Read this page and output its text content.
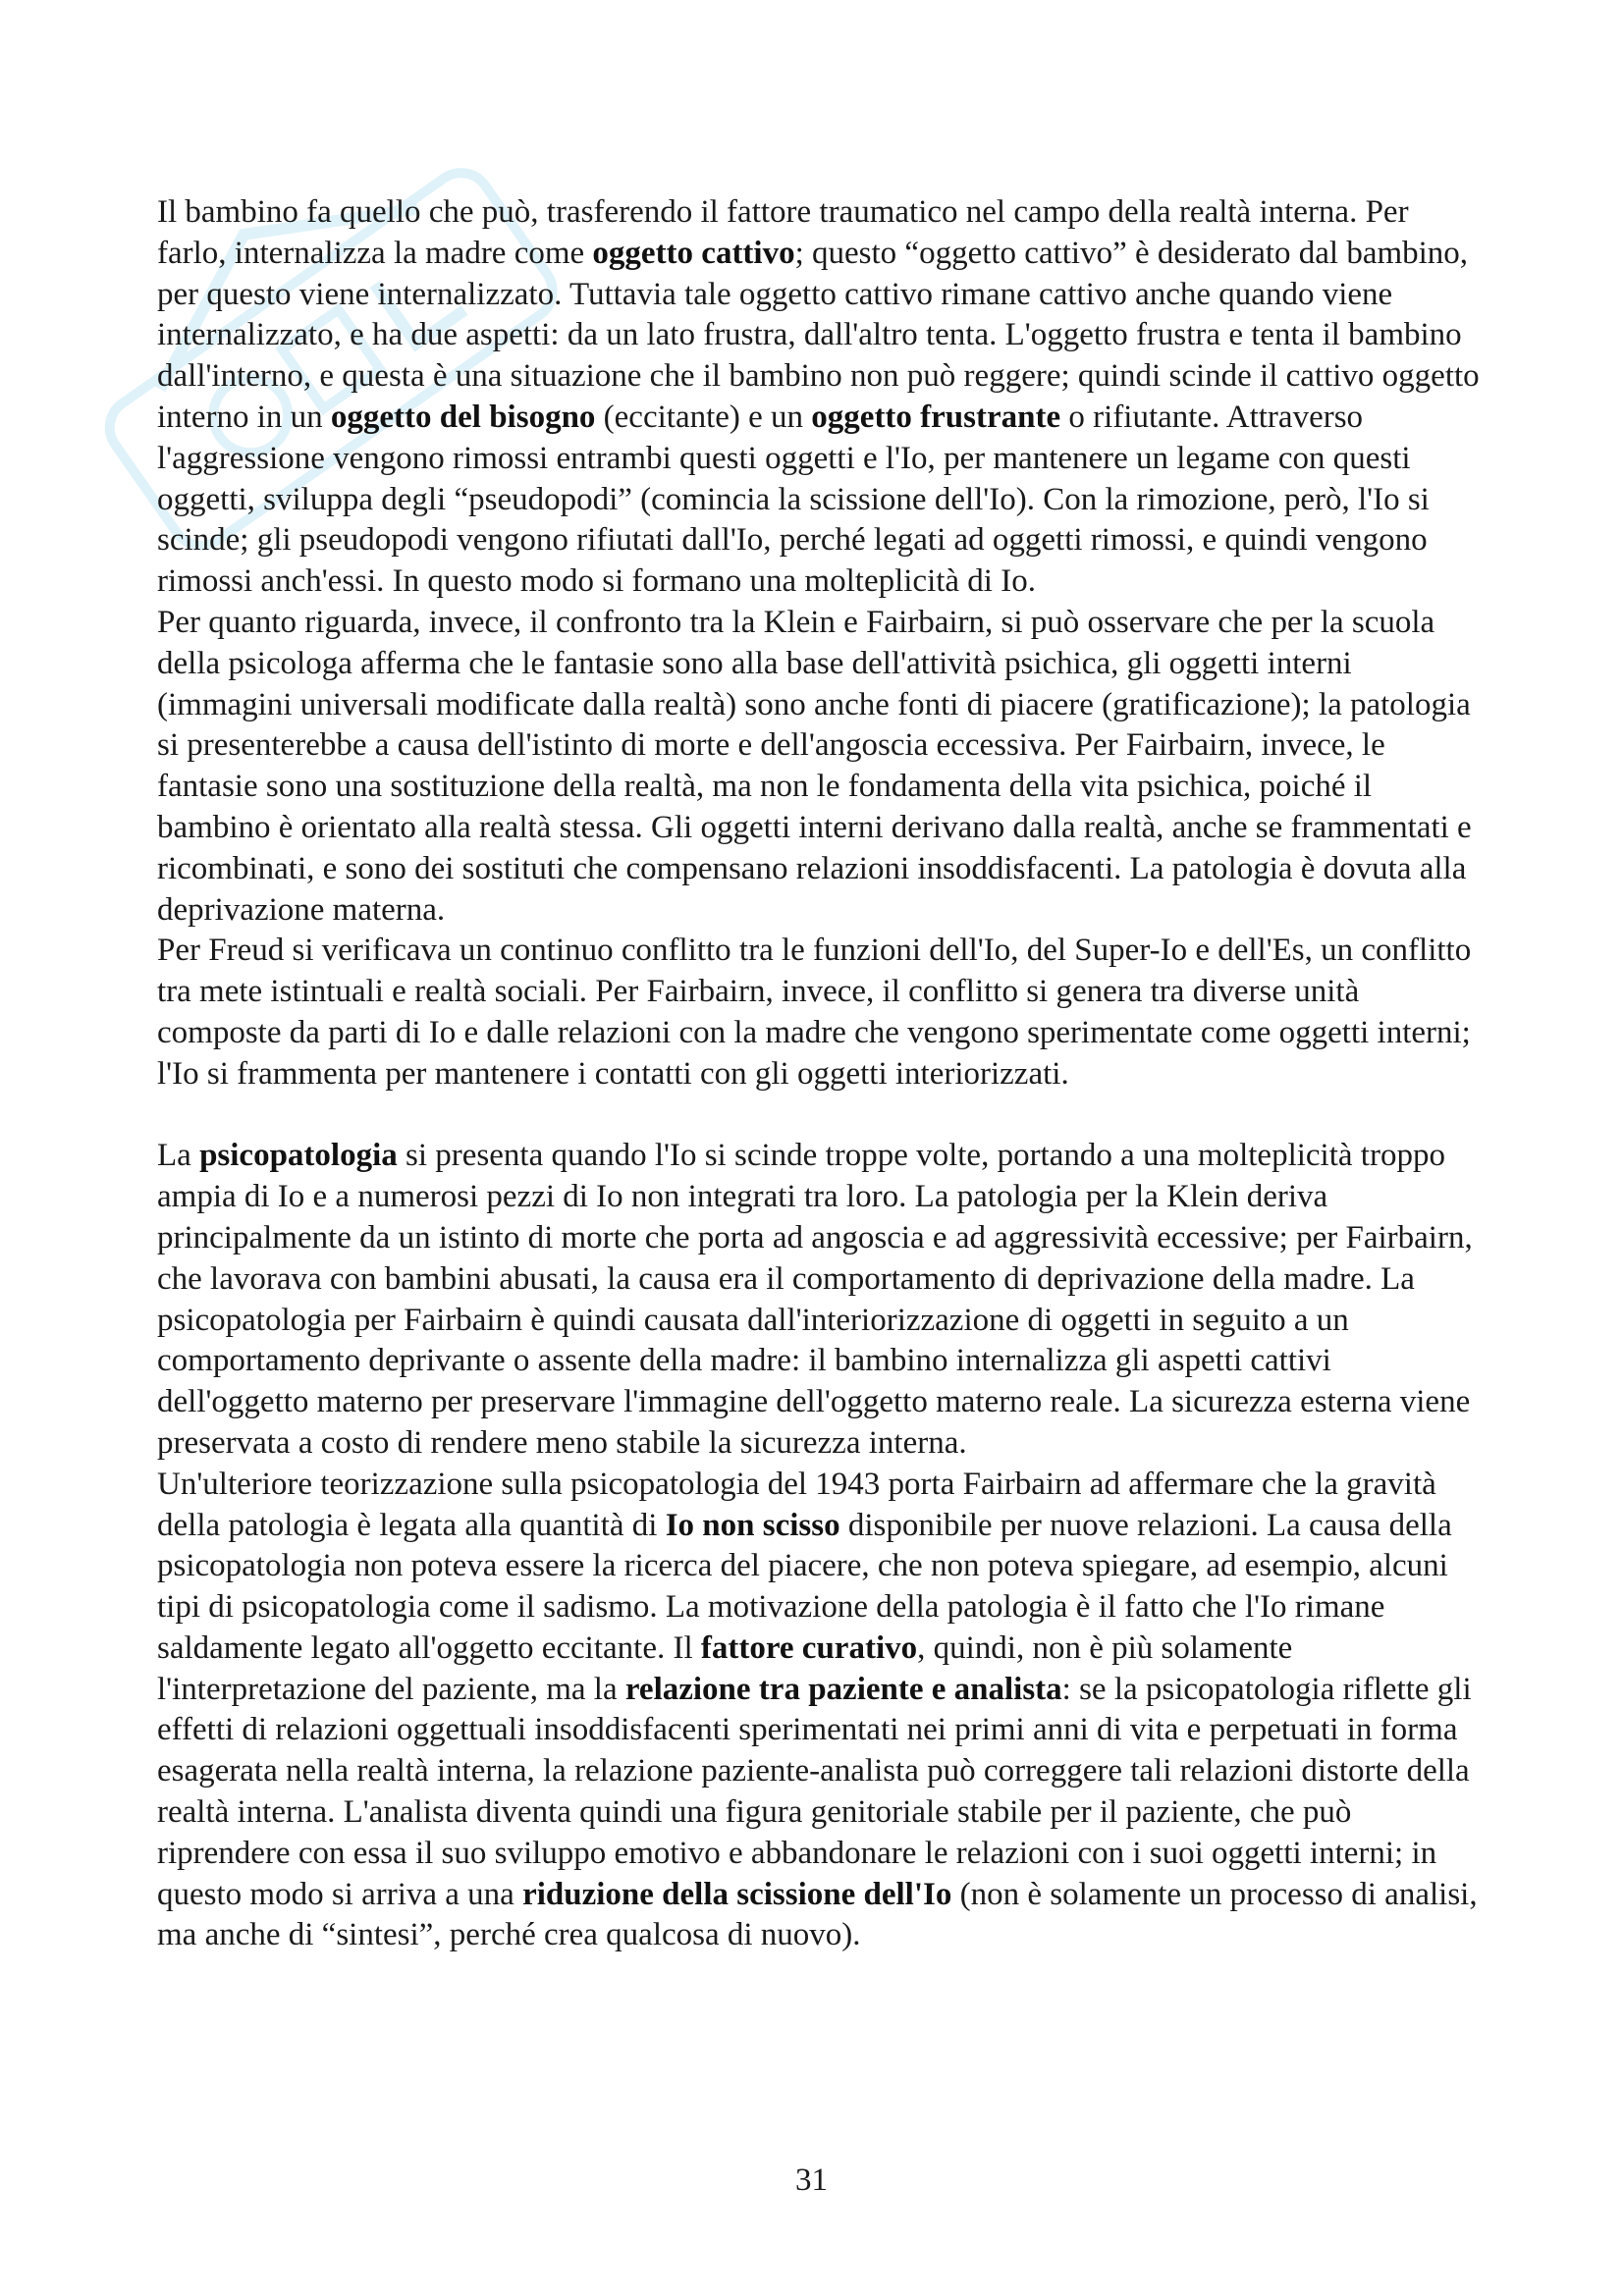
Il bambino fa quello che può, trasferendo il fattore traumatico nel campo della realtà interna. Per farlo, internalizza la madre come oggetto cattivo; questo “oggetto cattivo” è desiderato dal bambino, per questo viene internalizzato. Tuttavia tale oggetto cattivo rimane cattivo anche quando viene internalizzato, e ha due aspetti: da un lato frustra, dall'altro tenta. L'oggetto frustra e tenta il bambino dall'interno, e questa è una situazione che il bambino non può reggere; quindi scinde il cattivo oggetto interno in un oggetto del bisogno (eccitante) e un oggetto frustrante o rifiutante. Attraverso l'aggressione vengono rimossi entrambi questi oggetti e l'Io, per mantenere un legame con questi oggetti, sviluppa degli “pseudopodi” (comincia la scissione dell'Io). Con la rimozione, però, l'Io si scinde; gli pseudopodi vengono rifiutati dall'Io, perché legati ad oggetti rimossi, e quindi vengono rimossi anch'essi. In questo modo si formano una molteplicità di Io.

Per quanto riguarda, invece, il confronto tra la Klein e Fairbairn, si può osservare che per la scuola della psicologa afferma che le fantasie sono alla base dell'attività psichica, gli oggetti interni (immagini universali modificate dalla realtà) sono anche fonti di piacere (gratificazione); la patologia si presenterebbe a causa dell'istinto di morte e dell'angoscia eccessiva. Per Fairbairn, invece, le fantasie sono una sostituzione della realtà, ma non le fondamenta della vita psichica, poiché il bambino è orientato alla realtà stessa. Gli oggetti interni derivano dalla realtà, anche se frammentati e ricombinati, e sono dei sostituti che compensano relazioni insoddisfacenti. La patologia è dovuta alla deprivazione materna.

Per Freud si verificava un continuo conflitto tra le funzioni dell'Io, del Super-Io e dell'Es, un conflitto tra mete istintuali e realtà sociali. Per Fairbairn, invece, il conflitto si genera tra diverse unità composte da parti di Io e dalle relazioni con la madre che vengono sperimentate come oggetti interni; l'Io si frammenta per mantenere i contatti con gli oggetti interiorizzati.

La psicopatologia si presenta quando l'Io si scinde troppe volte, portando a una molteplicità troppo ampia di Io e a numerosi pezzi di Io non integrati tra loro. La patologia per la Klein deriva principalmente da un istinto di morte che porta ad angoscia e ad aggressività eccessive; per Fairbairn, che lavorava con bambini abusati, la causa era il comportamento di deprivazione della madre. La psicopatologia per Fairbairn è quindi causata dall'interiorizzazione di oggetti in seguito a un comportamento deprivante o assente della madre: il bambino internalizza gli aspetti cattivi dell'oggetto materno per preservare l'immagine dell'oggetto materno reale. La sicurezza esterna viene preservata a costo di rendere meno stabile la sicurezza interna.

Un'ulteriore teorizzazione sulla psicopatologia del 1943 porta Fairbairn ad affermare che la gravità della patologia è legata alla quantità di Io non scisso disponibile per nuove relazioni. La causa della psicopatologia non poteva essere la ricerca del piacere, che non poteva spiegare, ad esempio, alcuni tipi di psicopatologia come il sadismo. La motivazione della patologia è il fatto che l'Io rimane saldamente legato all'oggetto eccitante. Il fattore curativo, quindi, non è più solamente l'interpretazione del paziente, ma la relazione tra paziente e analista: se la psicopatologia riflette gli effetti di relazioni oggettuali insoddisfacenti sperimentati nei primi anni di vita e perpetuati in forma esagerata nella realtà interna, la relazione paziente-analista può correggere tali relazioni distorte della realtà interna. L'analista diventa quindi una figura genitoriale stabile per il paziente, che può riprendere con essa il suo sviluppo emotivo e abbandonare le relazioni con i suoi oggetti interni; in questo modo si arriva a una riduzione della scissione dell'Io (non è solamente un processo di analisi, ma anche di “sintesi”, perché crea qualcosa di nuovo).

31
